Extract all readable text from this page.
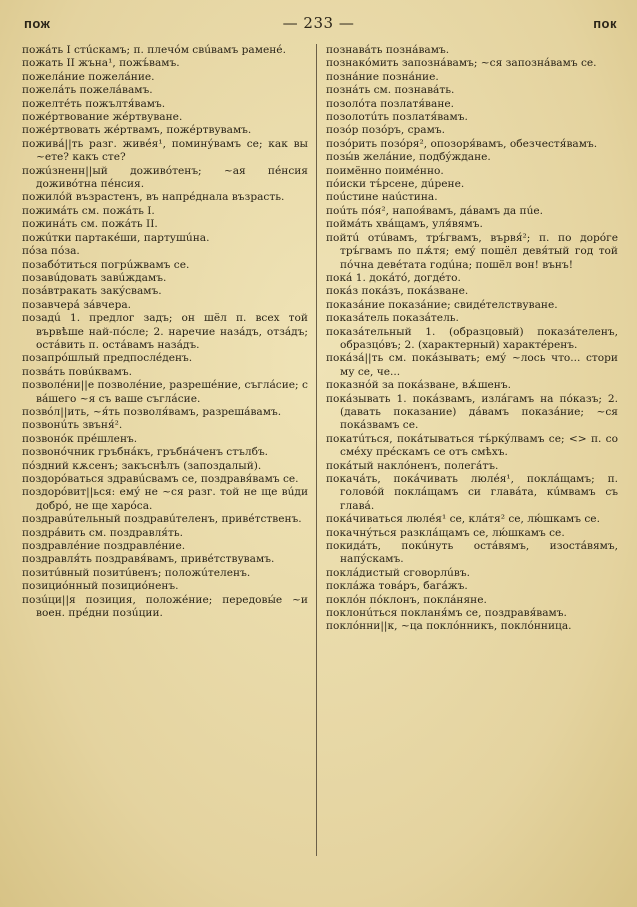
пож	— 233 —	пок

пожáть I стúскамъ; п. плечóм свúвамъ раменé.

пожать II жъна¹, пожъ́вамъ.

пожелáние пожелáние.

пожелáть пожелáвамъ.

пожелтéть пожълтя́вамъ.

пожéртвование жéртвуване.

пожéртвовать жéртвамъ, пожéртвувамъ.

поживá||ть разг. живéя¹, помину́вамъ се; как вы ~ете? какъ сте?

пожúзненн||ый доживóтенъ; ~ая пéнсия доживóтна пéнсия.

пожилóй възрастенъ, въ напрéднала възрасть.

пожимáть см. пожáть I.

пожинáть см. пожáть II.

пожúтки партакéши, партушúна.

пóза пóза.

позабóтиться погрúжвамъ се.

позавúдовать завúждамъ.

позáвтракать закýсвамъ.

позавчерá зáвчера.

позадú 1. предлог задъ; он шёл п. всех той вървѣше най-пóсле; 2. наречие назáдъ, отзáдъ; остáвить п. остáвамъ назáдъ.

позапрóшлый предпослéденъ.

позвáть повúквамъ.

позволéни||е позволéние, разрешéние, съглáсие; с вáшего ~я съ ваше съглáсие.

позвóл||ить, ~я́ть позволя́вамъ, разрешáвамъ.

позвонúть звъня́².

позвонóк прéшленъ.

позвонóчник гръбнáкъ, гръбнáченъ стълбъ.

пóздний кѫсенъ; закъснѣлъ (запоздалый).

поздорóваться здравúсвамъ се, поздравя́вамъ се.

поздорóвит||ься: ему́ не ~ся разг. той не ще вúди добрó, не ще харóса.

поздравúтельный поздравúтеленъ, привéтственъ.

поздрáвить см. поздравля́ть.

поздравлéние поздравлéние.

поздравля́ть поздравя́вамъ, привéтствувамъ.

позитúвный позитúвенъ; положúтеленъ.

позициóнный позициóненъ.

позúци||я позиция, положéние; передовы́е ~и воен. прéдни позúции.

познавáть познáвамъ.

познакóмить запознáвамъ; ~ся запознáвамъ се.

познáние познáние.

познáть см. познавáть.

позолóта позлатя́ване.

позолотúть позлатя́вамъ.

позóр позóръ, срамъ.

позóрить позóря², опозоря́вамъ, обезчестя́вамъ.

позы́в желáние, подбýждане.

поимённо поимéнно.

пóиски тъ́рсене, дúрене.

поúстине наúстина.

поúть пóя², напоя́вамъ, дáвамъ да пúе.

поймáть хвáщамъ, уля́вямъ.

пойтú отúвамъ, тръ́гвамъ, вървя́²; п. по дорóге тръ́гвамъ по пѫ́тя; ему́ пошёл девя́тый год той пóчна девéтата годúна; пошёл вон! вънъ!

покá 1. докáтó, догдéто.

покáз покáзъ, покáзване.

показáние показáние; свидéтелствуване.

показáтель показáтель.

показáтельный 1. (образцовый) показáтеленъ, образцóвъ; 2. (характерный) характéренъ.

покáзá||ть см. покáзывать; ему́ ~лось что... стори му се, че...

показнóй за покáзване, вѫ́шенъ.

покáзывать 1. покáзвамъ, излáгамъ на пóказъ; 2. (давать показание) дáвамъ показáние; ~ся покáзвамъ се.

покатúться, покáтываться тъ́ркýлвамъ се; <> п. со смéху прéскамъ се отъ смѣхъ.

покáтый наклóненъ, полегáтъ.

покачáть, покáчивать люлéя¹, поклáщамъ; п. головóй поклáщамъ си главáта, кúмвамъ съ главá.

покáчиваться люлéя¹ се, клáтя² се, лю́шкамъ се.

покачнýться разклáщамъ се, лю́шкамъ се.

покидáть, покúнуть остáвямъ, изостáвямъ, напýскамъ.

поклáдистый сговорлúвъ.

поклáжа товáръ, багáжъ.

поклóн пóклонъ, поклáняне.

поклонúться покланя́мъ се, поздравя́вамъ.

поклóнни||к, ~ца поклóнникъ, поклóнница.
